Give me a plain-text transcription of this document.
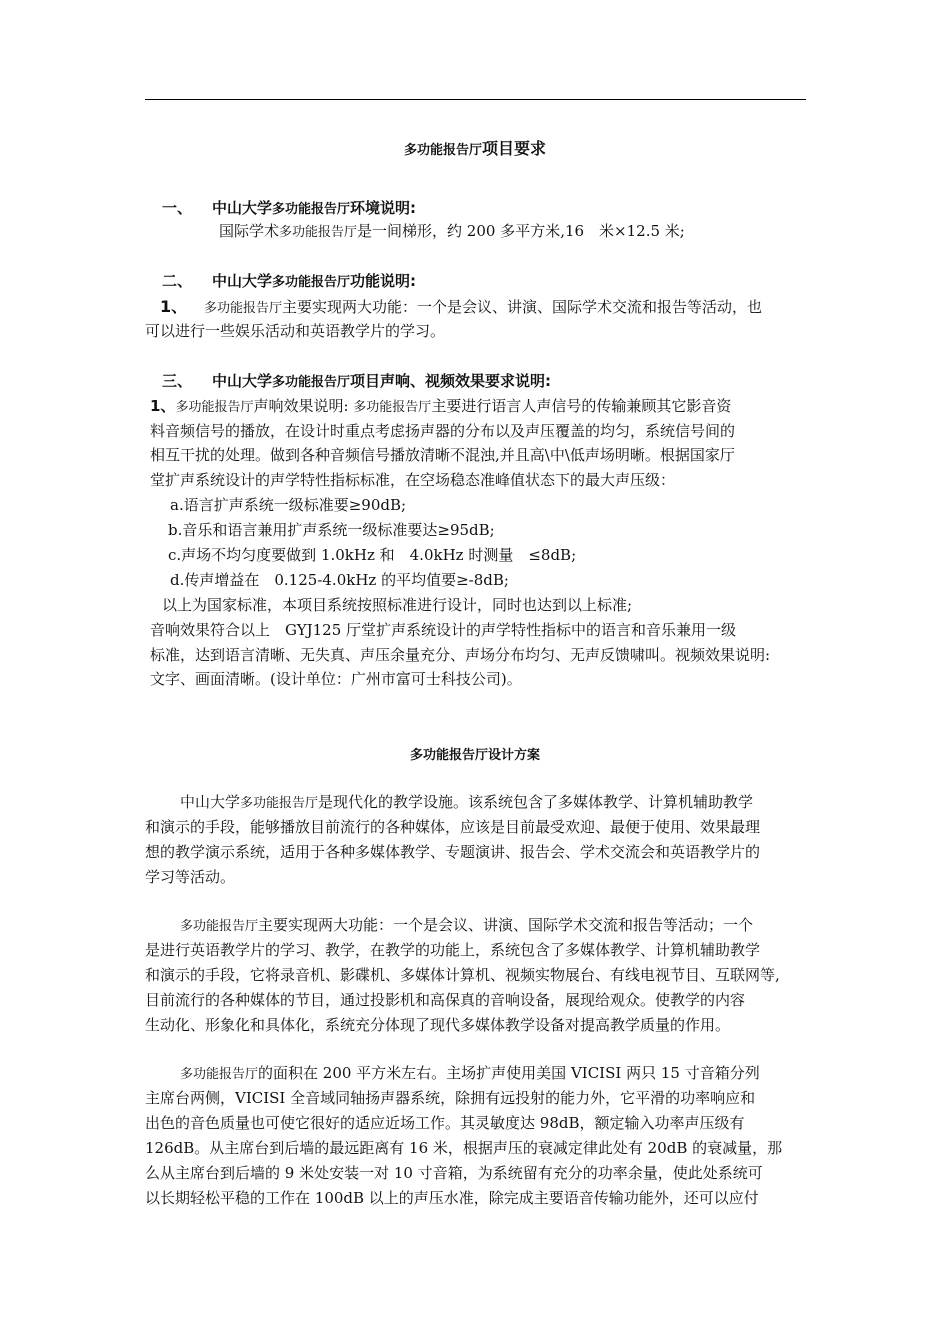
多功能报告厅项目要求
一、 中山大学多功能报告厅环境说明:
国际学术多功能报告厅是一间梯形，约 200 多平方米,16　米×12.5 米;
二、 中山大学多功能报告厅功能说明:
1、 多功能报告厅主要实现两大功能：一个是会议、讲演、国际学术交流和报告等活动，也
可以进行一些娱乐活动和英语教学片的学习。
三、 中山大学多功能报告厅项目声响、视频效果要求说明:
1、多功能报告厅声响效果说明: 多功能报告厅主要进行语言人声信号的传输兼顾其它影音资
料音频信号的播放，在设计时重点考虑扬声器的分布以及声压覆盖的均匀，系统信号间的
相互干扰的处理。做到各种音频信号播放清晰不混浊,并且高\中\低声场明晰。根据国家厅
堂扩声系统设计的声学特性指标标准，在空场稳态准峰值状态下的最大声压级：
a.语言扩声系统一级标准要≥90dB;
b.音乐和语言兼用扩声系统一级标准要达≥95dB;
c.声场不均匀度要做到 1.0kHz 和　4.0kHz 时测量　≤8dB;
d.传声增益在　0.125-4.0kHz 的平均值要≥-8dB;
以上为国家标准，本项目系统按照标准进行设计，同时也达到以上标准;
音响效果符合以上　GYJ125 厅堂扩声系统设计的声学特性指标中的语言和音乐兼用一级
标准，达到语言清晰、无失真、声压余量充分、声场分布均匀、无声反馈啸叫。视频效果说明:
文字、画面清晰。(设计单位：广州市富可士科技公司)。
多功能报告厅设计方案
中山大学多功能报告厅是现代化的教学设施。该系统包含了多媒体教学、计算机辅助教学
和演示的手段，能够播放目前流行的各种媒体，应该是目前最受欢迎、最便于使用、效果最理
想的教学演示系统，适用于各种多媒体教学、专题演讲、报告会、学术交流会和英语教学片的
学习等活动。
多功能报告厅主要实现两大功能：一个是会议、讲演、国际学术交流和报告等活动；一个
是进行英语教学片的学习、教学，在教学的功能上，系统包含了多媒体教学、计算机辅助教学
和演示的手段，它将录音机、影碟机、多媒体计算机、视频实物展台、有线电视节目、互联网等,
目前流行的各种媒体的节目，通过投影机和高保真的音响设备，展现给观众。使教学的内容
生动化、形象化和具体化，系统充分体现了现代多媒体教学设备对提高教学质量的作用。
多功能报告厅的面积在 200 平方米左右。主场扩声使用美国 VICISI 两只 15 寸音箱分列
主席台两侧，VICISI 全音域同轴扬声器系统，除拥有远投射的能力外，它平滑的功率响应和
出色的音色质量也可使它很好的适应近场工作。其灵敏度达 98dB，额定输入功率声压级有
126dB。从主席台到后墙的最远距离有 16 米，根据声压的衰减定律此处有 20dB 的衰减量，那
么从主席台到后墙的 9 米处安装一对 10 寸音箱，为系统留有充分的功率余量，使此处系统可
以长期轻松平稳的工作在 100dB 以上的声压水准，除完成主要语音传输功能外，还可以应付
